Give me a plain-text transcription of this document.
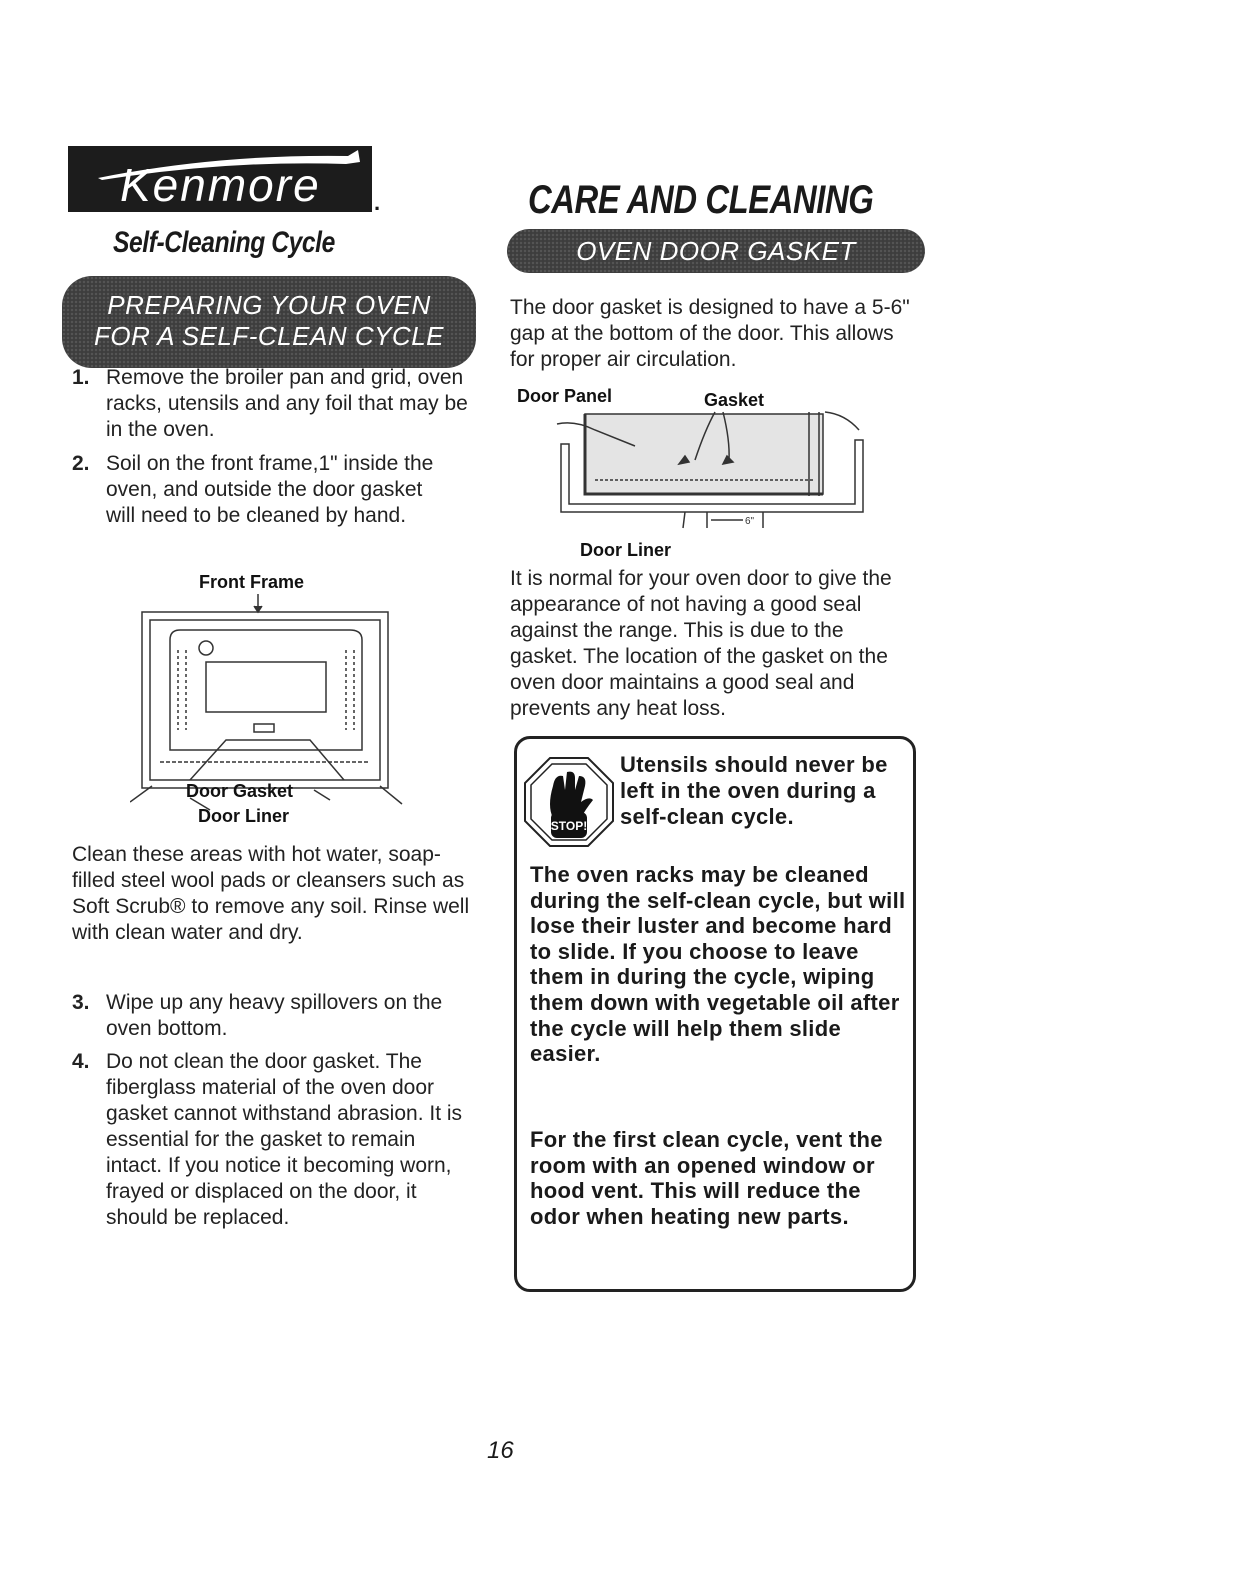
Kenmore .	CARE AND CLEANING
Self-Cleaning Cycle
PREPARING YOUR OVEN
FOR A SELF-CLEAN CYCLE
OVEN DOOR GASKET
1. Remove the broiler pan and grid, oven racks, utensils and any foil that may be in the oven.
2. Soil on the front frame,1" inside the oven, and outside the door gasket will need to be cleaned by hand.
Front Frame
Door Gasket
Door Liner
Clean these areas with hot water, soap-filled steel wool pads or cleansers such as Soft Scrub® to remove any soil. Rinse well with clean water and dry.
3. Wipe up any heavy spillovers on the oven bottom.
4. Do not clean the door gasket. The fiberglass material of the oven door gasket cannot withstand abrasion. It is essential for the gasket to remain intact. If you notice it becoming worn, frayed or displaced on the door, it should be replaced.
The door gasket is designed to have a 5-6" gap at the bottom of the door. This allows for proper air circulation.
Door Panel	Gasket
6"
Door Liner
It is normal for your oven door to give the appearance of not having a good seal against the range. This is due to the gasket. The location of the gasket on the oven door maintains a good seal and prevents any heat loss.
STOP!
Utensils should never be left in the oven during a self-clean cycle.
The oven racks may be cleaned during the self-clean cycle, but will lose their luster and become hard to slide. If you choose to leave them in during the cycle, wiping them down with vegetable oil after the cycle will help them slide easier.
For the first clean cycle, vent the room with an opened window or hood vent. This will reduce the odor when heating new parts.
16
